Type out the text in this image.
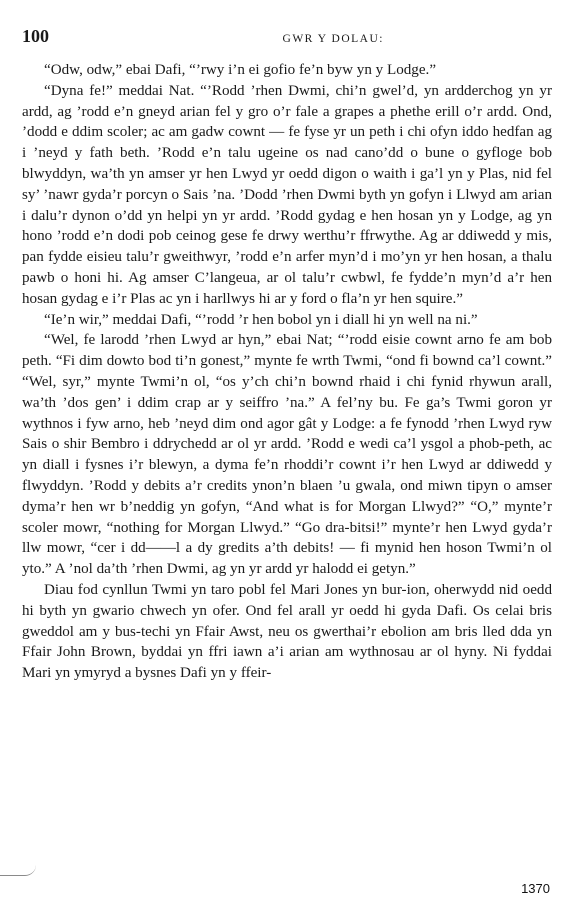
100	GWR Y DOLAU:

“Odw, odw,” ebai Dafi, “’rwy i’n ei gofio fe’n byw yn y Lodge.”

“Dyna fe!” meddai Nat. “’Rodd ’rhen Dwmi, chi’n gwel’d, yn ardderchog yn yr ardd, ag ’rodd e’n gneyd arian fel y gro o’r fale a grapes a phethe erill o’r ardd. Ond, ’dodd e ddim scoler; ac am gadw cownt — fe fyse yr un peth i chi ofyn iddo hedfan ag i ’neyd y fath beth. ’Rodd e’n talu ugeine os nad cano’dd o bune o gyfloge bob blwyddyn, wa’th yn amser yr hen Lwyd yr oedd digon o waith i ga’l yn y Plas, nid fel sy’ ’nawr gyda’r porcyn o Sais ’na. ’Dodd ’rhen Dwmi byth yn gofyn i Llwyd am arian i dalu’r dynon o’dd yn helpi yn yr ardd. ’Rodd gydag e hen hosan yn y Lodge, ag yn hono ’rodd e’n dodi pob ceinog gese fe drwy werthu’r ffrwythe. Ag ar ddiwedd y mis, pan fydde eisieu talu’r gweithwyr, ’rodd e’n arfer myn’d i mo’yn yr hen hosan, a thalu pawb o honi hi. Ag amser C’langeua, ar ol talu’r cwbwl, fe fydde’n myn’d a’r hen hosan gydag e i’r Plas ac yn i harllwys hi ar y ford o fla’n yr hen squire.”

“Ie’n wir,” meddai Dafi, “’rodd ’r hen bobol yn i diall hi yn well na ni.”

“Wel, fe larodd ’rhen Lwyd ar hyn,” ebai Nat; “’rodd eisie cownt arno fe am bob peth. “Fi dim dowto bod ti’n gonest,” mynte fe wrth Twmi, “ond fi bownd ca’l cownt.” “Wel, syr,” mynte Twmi’n ol, “os y’ch chi’n bownd rhaid i chi fynid rhywun arall, wa’th ’dos gen’ i ddim crap ar y seiffro ’na.” A fel’ny bu. Fe ga’s Twmi goron yr wythnos i fyw arno, heb ’neyd dim ond agor gât y Lodge: a fe fynodd ’rhen Lwyd ryw Sais o shir Bembro i ddrychedd ar ol yr ardd. ’Rodd e wedi ca’l ysgol a phob-peth, ac yn diall i fysnes i’r blewyn, a dyma fe’n rhoddi’r cownt i’r hen Lwyd ar ddiwedd y flwyddyn. ’Rodd y debits a’r credits ynon’n blaen ’u gwala, ond miwn tipyn o amser dyma’r hen wr b’neddig yn gofyn, “And what is for Morgan Llwyd?” “O,” mynte’r scoler mowr, “nothing for Morgan Llwyd.” “Go dra-bitsi!” mynte’r hen Lwyd gyda’r llw mowr, “cer i dd——l a dy gredits a’th debits! — fi mynid hen hoson Twmi’n ol yto.” A ’nol da’th ’rhen Dwmi, ag yn yr ardd yr halodd ei getyn.”

Diau fod cynllun Twmi yn taro pobl fel Mari Jones yn bur-ion, oherwydd nid oedd hi byth yn gwario chwech yn ofer. Ond fel arall yr oedd hi gyda Dafi. Os celai bris gweddol am y bus-techi yn Ffair Awst, neu os gwerthai’r ebolion am bris lled dda yn Ffair John Brown, byddai yn ffri iawn a’i arian am wythnosau ar ol hyny. Ni fyddai Mari yn ymyryd a bysnes Dafi yn y ffeir-

1370
